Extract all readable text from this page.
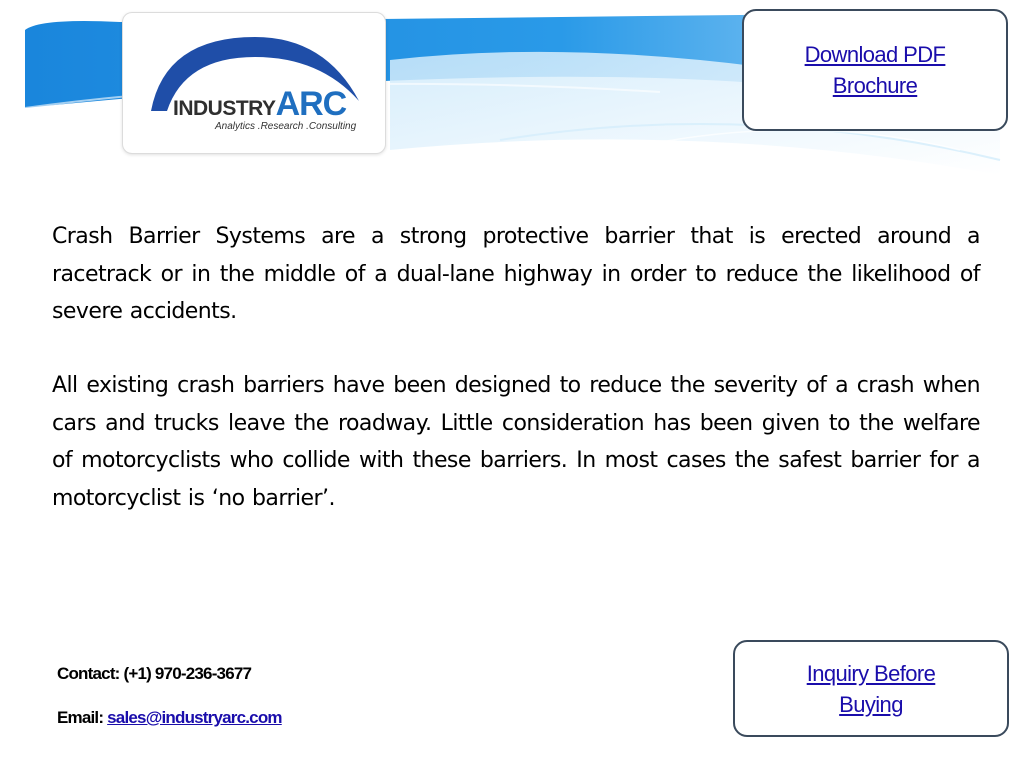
INDUSTRYARC
Analytics .Research .Consulting
Download PDF Brochure

Crash Barrier Systems are a strong protective barrier that is erected around a racetrack or in the middle of a dual-lane highway in order to reduce the likelihood of severe accidents.

All existing crash barriers have been designed to reduce the severity of a crash when cars and trucks leave the roadway. Little consideration has been given to the welfare of motorcyclists who collide with these barriers. In most cases the safest barrier for a motorcyclist is ‘no barrier’.

Contact: (+1) 970-236-3677
Email: sales@industryarc.com
Inquiry Before Buying
